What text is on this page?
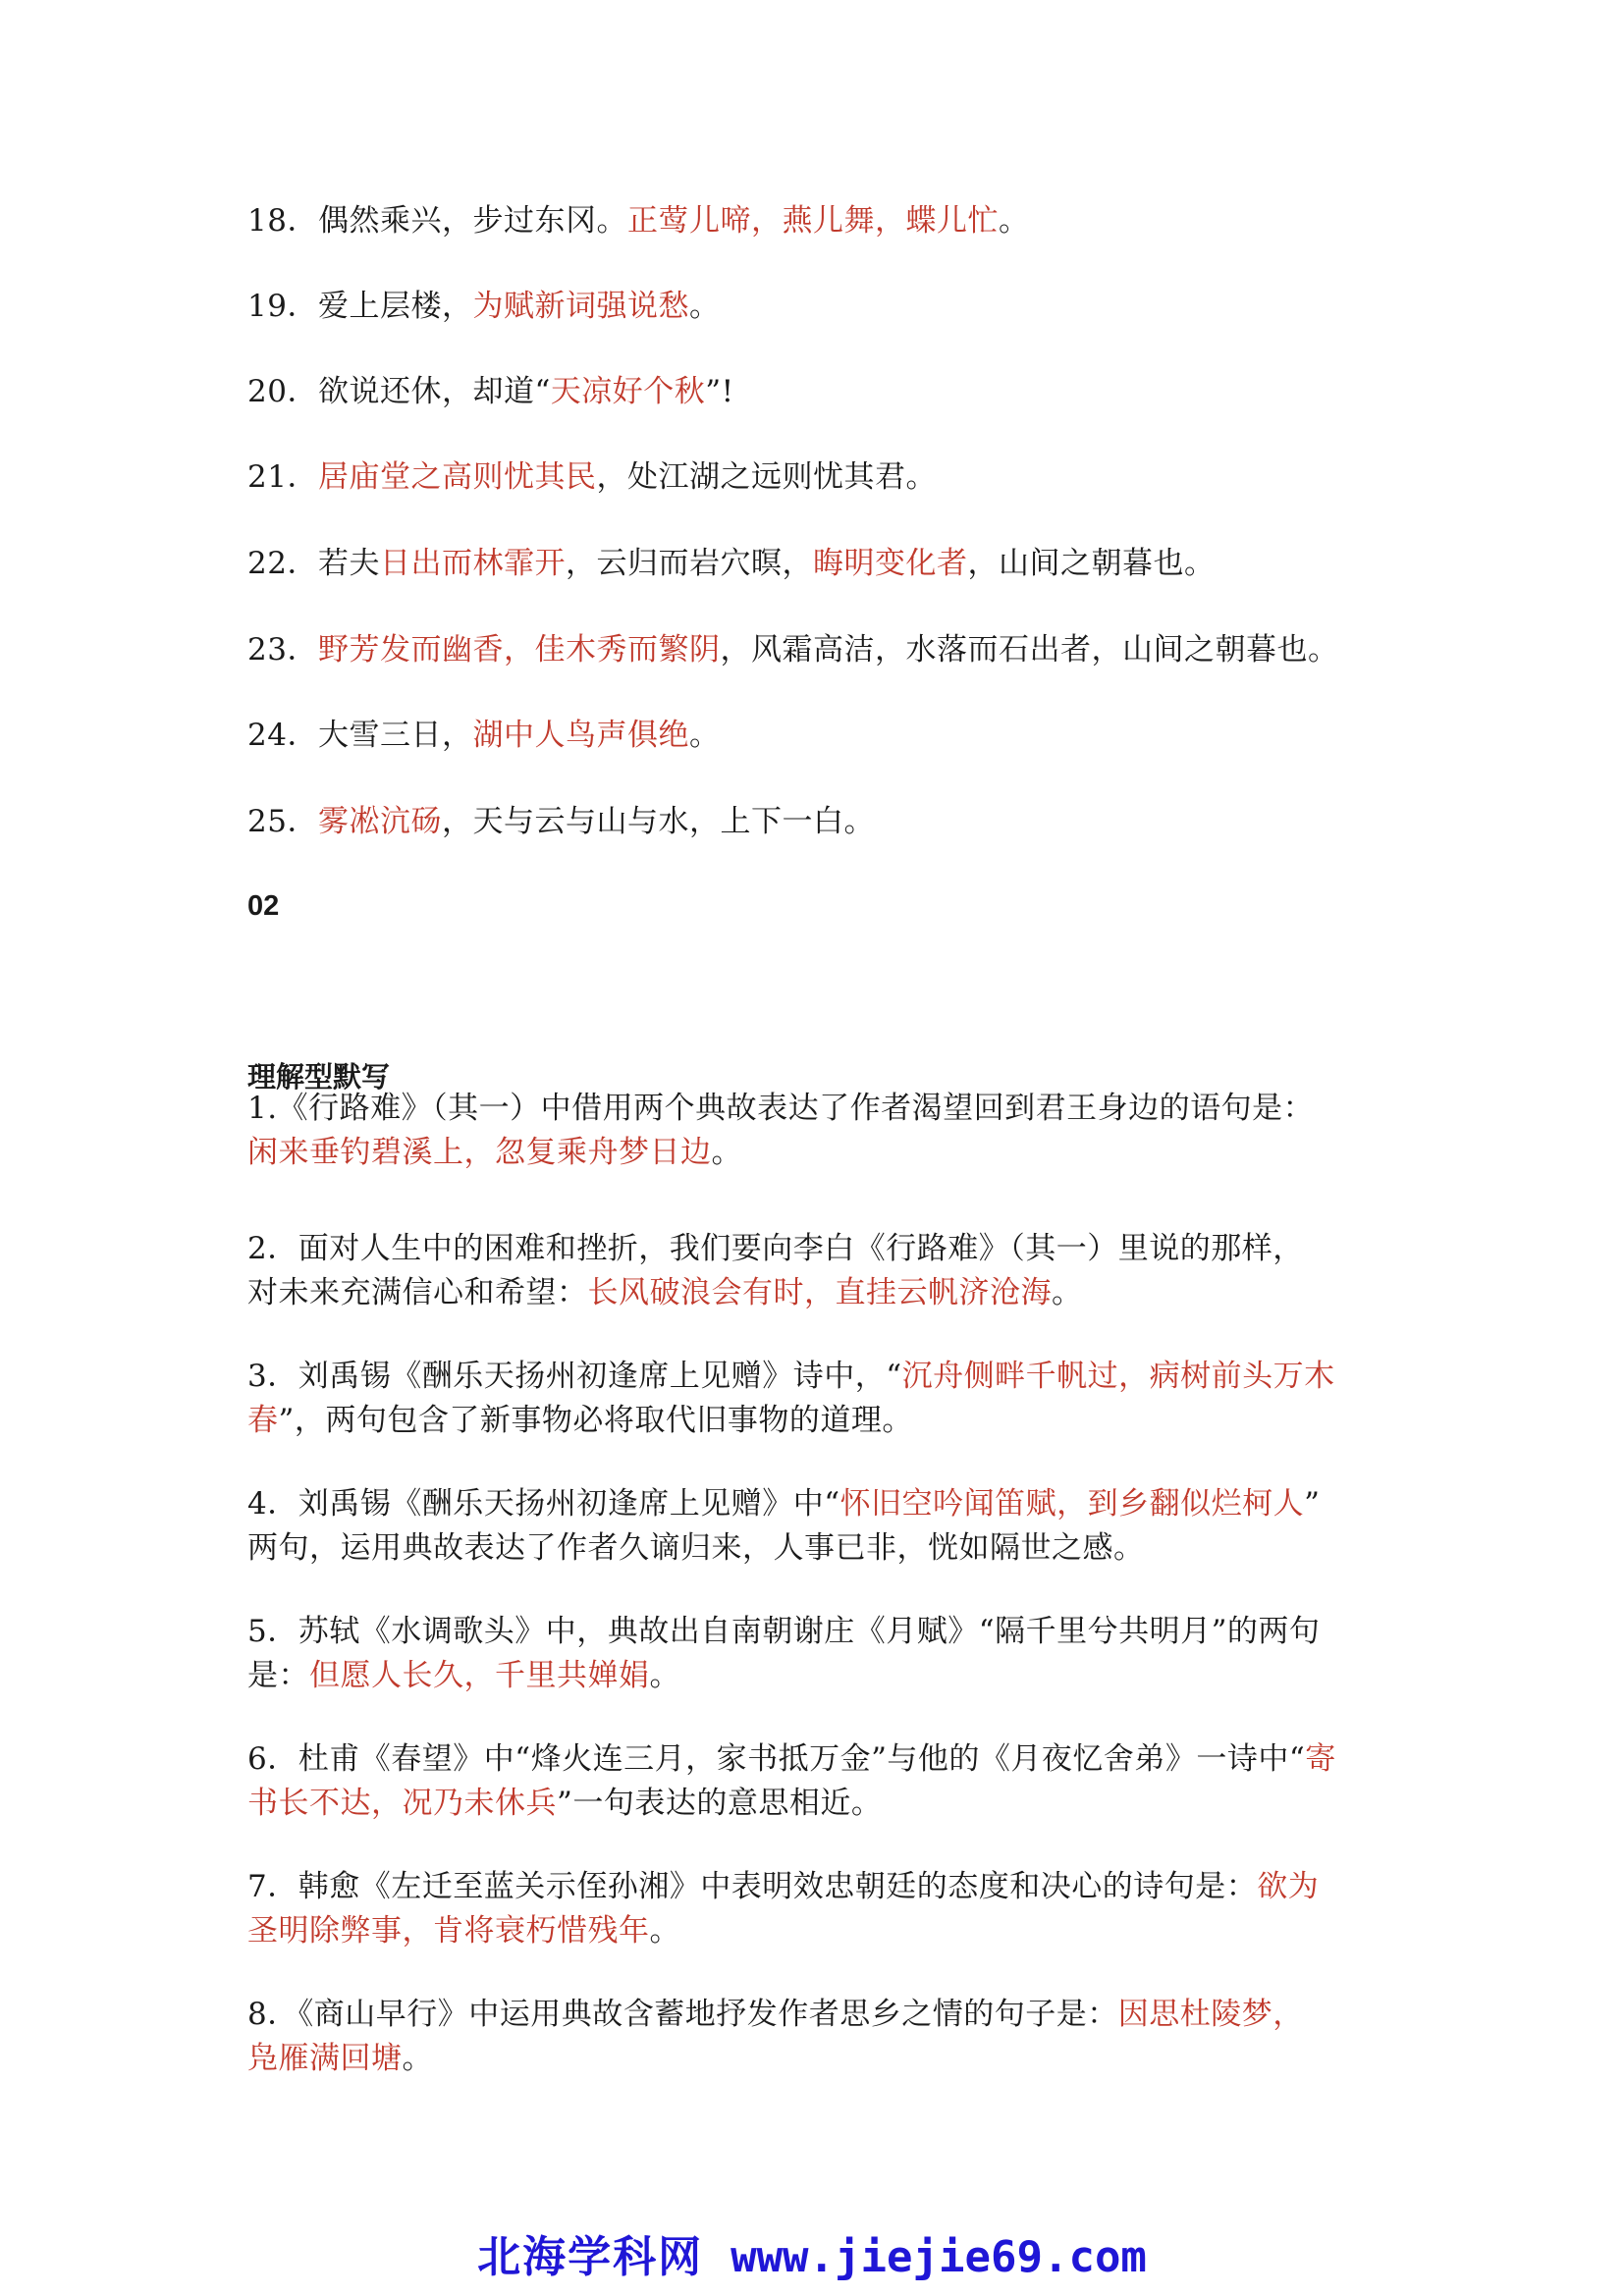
18．偶然乘兴，步过东冈。正莺儿啼，燕儿舞，蝶儿忙。
19．爱上层楼，为赋新词强说愁。
20．欲说还休，却道“天凉好个秋”!
21．居庙堂之高则忧其民，处江湖之远则忧其君。
22．若夫日出而林霏开，云归而岩穴暝，晦明变化者，山间之朝暮也。
23．野芳发而幽香，佳木秀而繁阴，风霜高洁，水落而石出者，山间之朝暮也。
24．大雪三日，湖中人鸟声俱绝。
25．雾凇沆砀，天与云与山与水，上下一白。
02
理解型默写
1.《行路难》（其一）中借用两个典故表达了作者渴望回到君王身边的语句是：
闲来垂钓碧溪上，忽复乘舟梦日边。
2．面对人生中的困难和挫折，我们要向李白《行路难》（其一）里说的那样，
对未来充满信心和希望：长风破浪会有时，直挂云帆济沧海。
3．刘禹锡《酬乐天扬州初逢席上见赠》诗中，“沉舟侧畔千帆过，病树前头万木
春”，两句包含了新事物必将取代旧事物的道理。
4．刘禹锡《酬乐天扬州初逢席上见赠》中“怀旧空吟闻笛赋，到乡翻似烂柯人”
两句，运用典故表达了作者久谪归来，人事已非，恍如隔世之感。
5．苏轼《水调歌头》中，典故出自南朝谢庄《月赋》“隔千里兮共明月”的两句
是：但愿人长久，千里共婵娟。
6．杜甫《春望》中“烽火连三月，家书抵万金”与他的《月夜忆舍弟》一诗中“寄
书长不达，况乃未休兵”一句表达的意思相近。
7．韩愈《左迁至蓝关示侄孙湘》中表明效忠朝廷的态度和决心的诗句是：欲为
圣明除弊事，肯将衰朽惜残年。
8．《商山早行》中运用典故含蓄地抒发作者思乡之情的句子是：因思杜陵梦，
凫雁满回塘。
北海学科网 www.jiejie69.com
